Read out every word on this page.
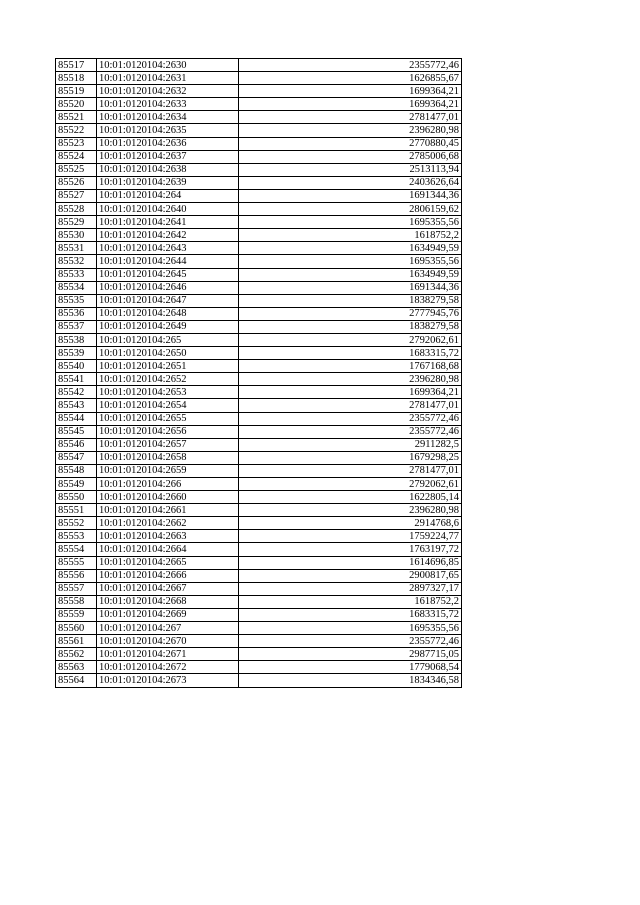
85517	10:01:0120104:2630	2355772,46
85518	10:01:0120104:2631	1626855,67
85519	10:01:0120104:2632	1699364,21
85520	10:01:0120104:2633	1699364,21
85521	10:01:0120104:2634	2781477,01
85522	10:01:0120104:2635	2396280,98
85523	10:01:0120104:2636	2770880,45
85524	10:01:0120104:2637	2785006,68
85525	10:01:0120104:2638	2513113,94
85526	10:01:0120104:2639	2403626,64
85527	10:01:0120104:264	1691344,36
85528	10:01:0120104:2640	2806159,62
85529	10:01:0120104:2641	1695355,56
85530	10:01:0120104:2642	1618752,2
85531	10:01:0120104:2643	1634949,59
85532	10:01:0120104:2644	1695355,56
85533	10:01:0120104:2645	1634949,59
85534	10:01:0120104:2646	1691344,36
85535	10:01:0120104:2647	1838279,58
85536	10:01:0120104:2648	2777945,76
85537	10:01:0120104:2649	1838279,58
85538	10:01:0120104:265	2792062,61
85539	10:01:0120104:2650	1683315,72
85540	10:01:0120104:2651	1767168,68
85541	10:01:0120104:2652	2396280,98
85542	10:01:0120104:2653	1699364,21
85543	10:01:0120104:2654	2781477,01
85544	10:01:0120104:2655	2355772,46
85545	10:01:0120104:2656	2355772,46
85546	10:01:0120104:2657	2911282,5
85547	10:01:0120104:2658	1679298,25
85548	10:01:0120104:2659	2781477,01
85549	10:01:0120104:266	2792062,61
85550	10:01:0120104:2660	1622805,14
85551	10:01:0120104:2661	2396280,98
85552	10:01:0120104:2662	2914768,6
85553	10:01:0120104:2663	1759224,77
85554	10:01:0120104:2664	1763197,72
85555	10:01:0120104:2665	1614696,85
85556	10:01:0120104:2666	2900817,65
85557	10:01:0120104:2667	2897327,17
85558	10:01:0120104:2668	1618752,2
85559	10:01:0120104:2669	1683315,72
85560	10:01:0120104:267	1695355,56
85561	10:01:0120104:2670	2355772,46
85562	10:01:0120104:2671	2987715,05
85563	10:01:0120104:2672	1779068,54
85564	10:01:0120104:2673	1834346,58
